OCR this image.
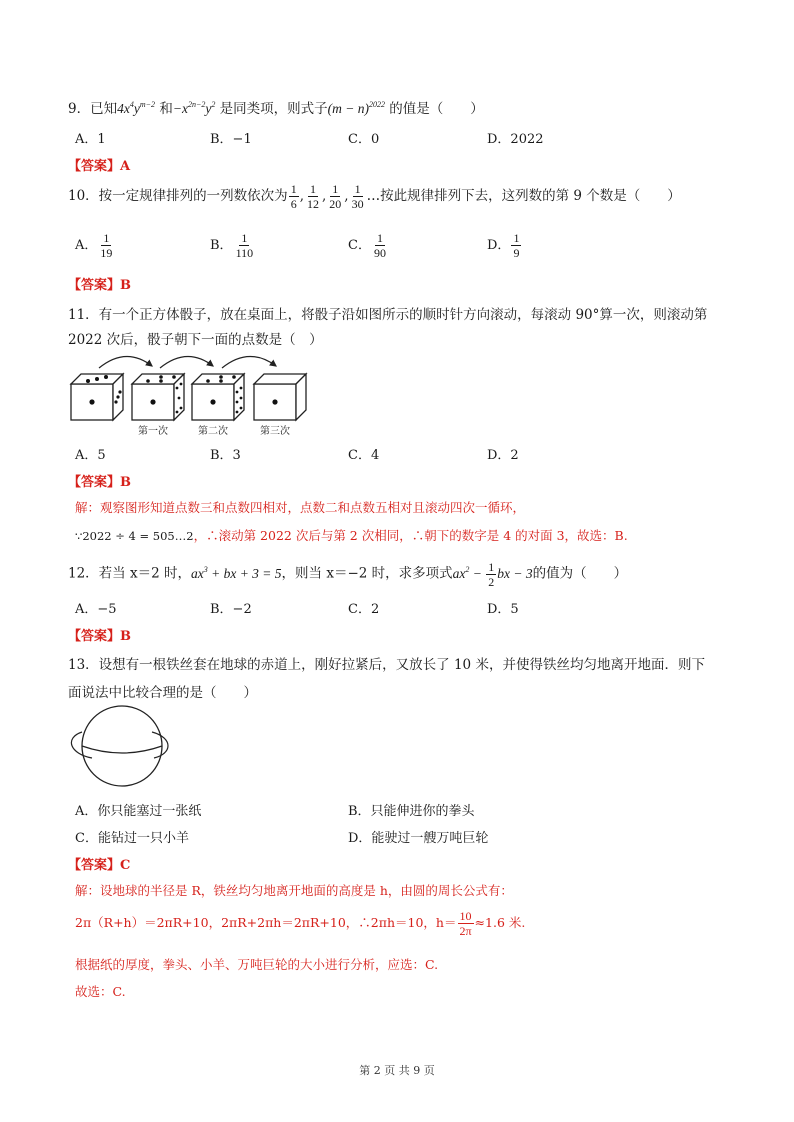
9．已知$4x^4y^{m-2}$ 和$-x^{2n-2}y^2$ 是同类项，则式子$(m - n)^{2022}$ 的值是（　　）
A．1	B．−1	C．0	D．2022
【答案】A
10．按一定规律排列的一列数依次为 $\frac{1}{6}$ , $\frac{1}{12}$ , $\frac{1}{20}$ , $\frac{1}{30}$ …按此规律排列下去，这列数的第 9 个数是（　　）
A． $\frac{1}{19}$	B． $\frac{1}{110}$	C． $\frac{1}{90}$	D． $\frac{1}{9}$
【答案】B
11．有一个正方体骰子，放在桌面上，将骰子沿如图所示的顺时针方向滚动，每滚动 90°算一次，则滚动第
2022 次后，骰子朝下一面的点数是（　）
第一次	第二次	第三次
A．5	B．3	C．4	D．2
【答案】B
解：观察图形知道点数三和点数四相对，点数二和点数五相对且滚动四次一循环，
∵2022 ÷ 4 = 505…2，∴滚动第 2022 次后与第 2 次相同，∴朝下的数字是 4 的对面 3，故选：B.
12．若当 x＝2 时，$ax^3$ + bx + 3 = 5，则当 x＝−2 时，求多项式$ax^2 - \frac{1}{2}$ bx − 3的值为（　　）
A．−5	B．−2	C．2	D．5
【答案】B
13．设想有一根铁丝套在地球的赤道上，刚好拉紧后，又放长了 10 米，并使得铁丝均匀地离开地面．则下
面说法中比较合理的是（　　）
A．你只能塞过一张纸	B．只能伸进你的拳头
C．能钻过一只小羊	D．能驶过一艘万吨巨轮
【答案】C
解：设地球的半径是 R，铁丝均匀地离开地面的高度是 h，由圆的周长公式有：
2π（R+h）＝2πR+10，2πR+2πh＝2πR+10，∴2πh＝10，$h= \frac{10}{2\pi} \approx 1.6$ 米.
根据纸的厚度，拳头、小羊、万吨巨轮的大小进行分析，应选：C.
故选：C.
第 2 页 共 9 页
